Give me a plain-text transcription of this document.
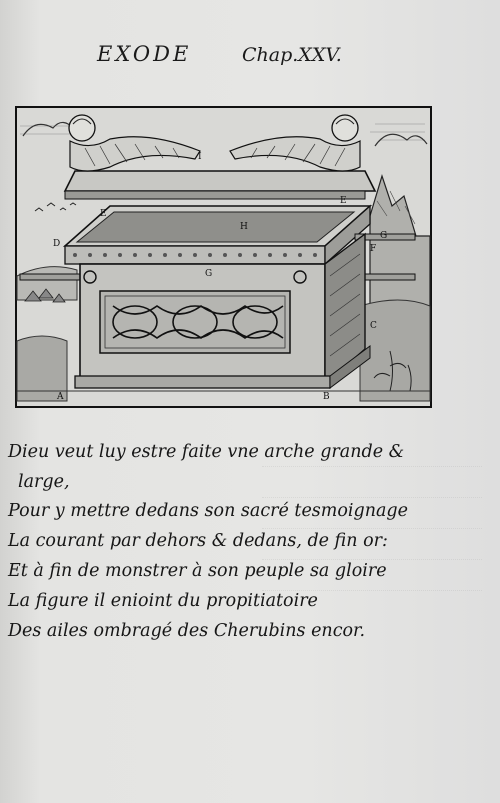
EXODE	Chap.XXV.
A	B
C
D
E
E
F
G
G
H
I
Dieu veut luy estre faite vne arche grande &
large,
Pour y mettre dedans son sacré tesmoignage
La courant par dehors & dedans, de fin or:
Et à fin de monstrer à son peuple sa gloire
La figure il enioint du propitiatoire
Des ailes ombragé des Cherubins encor.
